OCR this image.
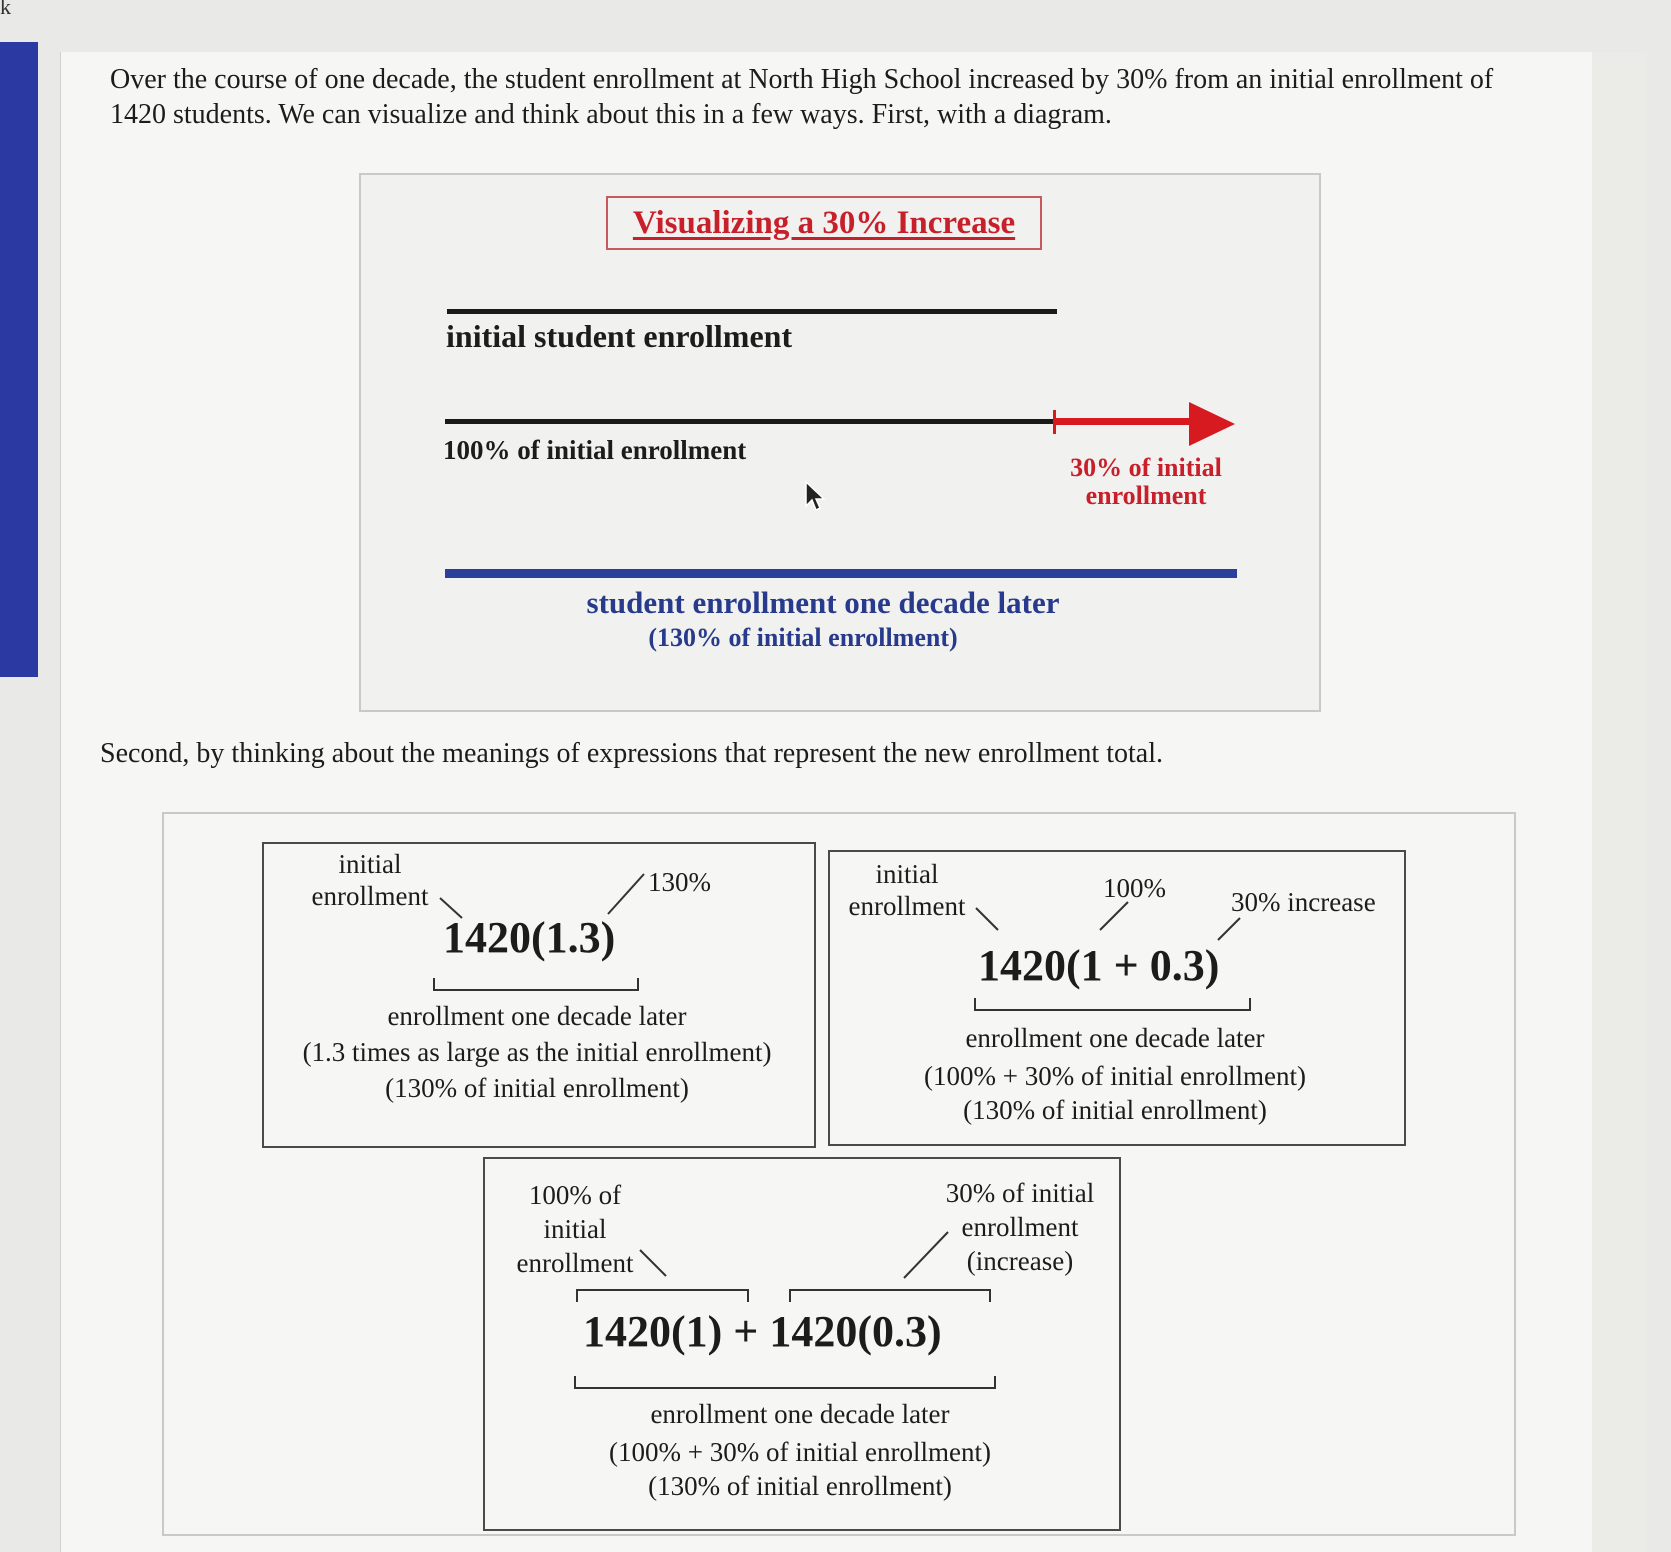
k
Over the course of one decade, the student enrollment at North High School increased by 30% from an initial enrollment of 1420 students. We can visualize and think about this in a few ways. First, with a diagram.
Visualizing a 30% Increase
initial student enrollment
100% of initial enrollment
30% of initial
enrollment
student enrollment one decade later
(130% of initial enrollment)
Second, by thinking about the meanings of expressions that represent the new enrollment total.
initial
enrollment	130%
1420(1.3)
enrollment one decade later
(1.3 times as large as the initial enrollment)
(130% of initial enrollment)
initial
enrollment
100% 30% increase
1420(1 + 0.3)
enrollment one decade later
(100% + 30% of initial enrollment)
(130% of initial enrollment)
100% of
initial
enrollment
30% of initial
enrollment
(increase)
1420(1) + 1420(0.3)
enrollment one decade later
(100% + 30% of initial enrollment)
(130% of initial enrollment)
